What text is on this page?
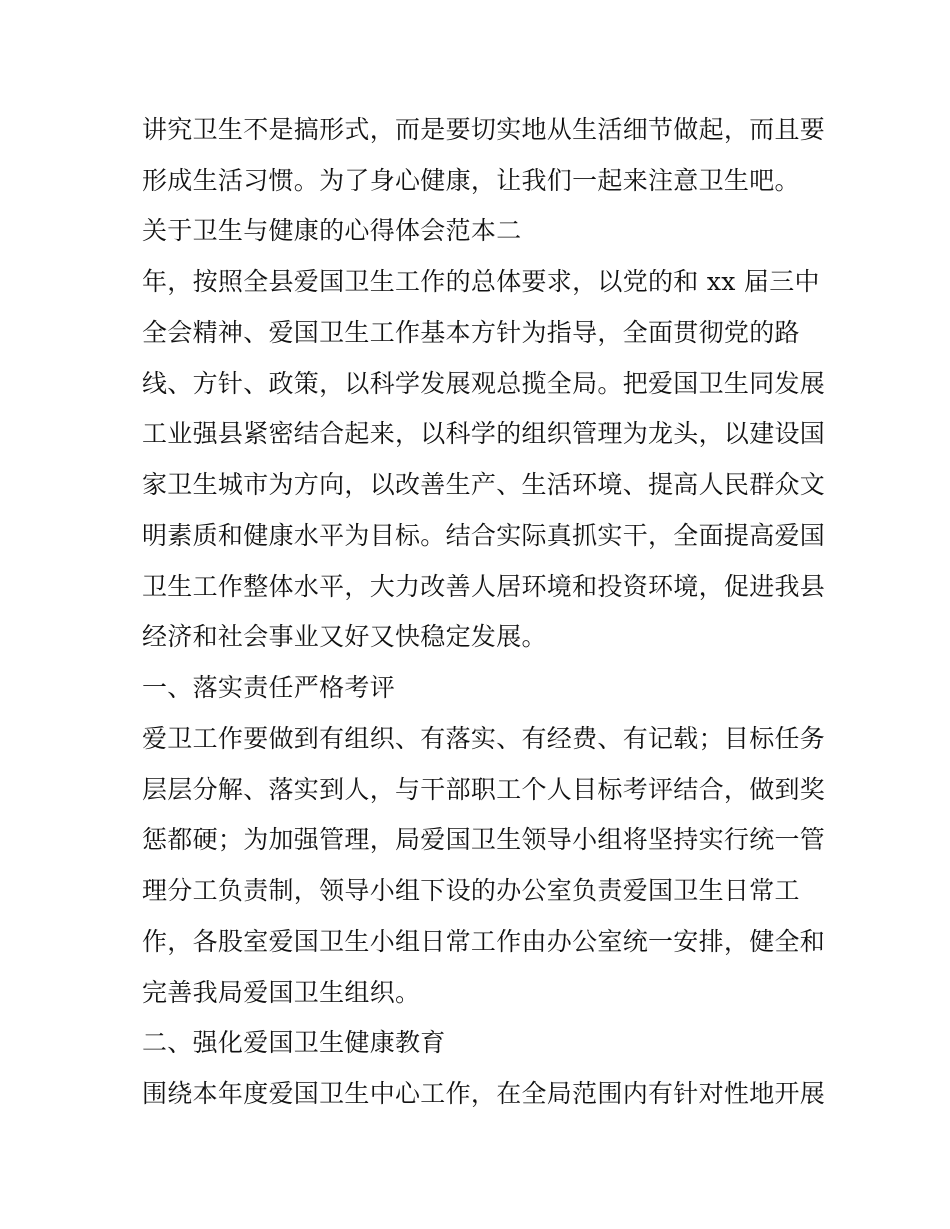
讲究卫生不是搞形式，而是要切实地从生活细节做起，而且要
形成生活习惯。为了身心健康，让我们一起来注意卫生吧。
关于卫生与健康的心得体会范本二
年，按照全县爱国卫生工作的总体要求，以党的和 xx 届三中
全会精神、爱国卫生工作基本方针为指导，全面贯彻党的路
线、方针、政策，以科学发展观总揽全局。把爱国卫生同发展
工业强县紧密结合起来，以科学的组织管理为龙头，以建设国
家卫生城市为方向，以改善生产、生活环境、提高人民群众文
明素质和健康水平为目标。结合实际真抓实干，全面提高爱国
卫生工作整体水平，大力改善人居环境和投资环境，促进我县
经济和社会事业又好又快稳定发展。
一、落实责任严格考评
爱卫工作要做到有组织、有落实、有经费、有记载；目标任务
层层分解、落实到人，与干部职工个人目标考评结合，做到奖
惩都硬；为加强管理，局爱国卫生领导小组将坚持实行统一管
理分工负责制，领导小组下设的办公室负责爱国卫生日常工
作，各股室爱国卫生小组日常工作由办公室统一安排，健全和
完善我局爱国卫生组织。
二、强化爱国卫生健康教育
围绕本年度爱国卫生中心工作，在全局范围内有针对性地开展
